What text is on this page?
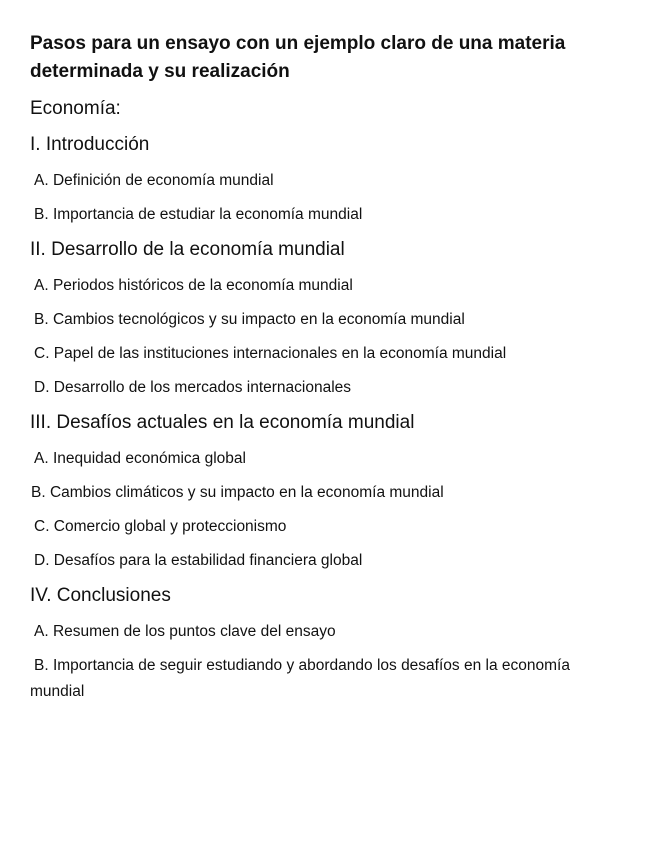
Pasos para un ensayo con un ejemplo claro de una materia determinada y su realización
Economía:
I. Introducción
A. Definición de economía mundial
B. Importancia de estudiar la economía mundial
II. Desarrollo de la economía mundial
A. Periodos históricos de la economía mundial
B. Cambios tecnológicos y su impacto en la economía mundial
C. Papel de las instituciones internacionales en la economía mundial
D. Desarrollo de los mercados internacionales
III. Desafíos actuales en la economía mundial
A. Inequidad económica global
B. Cambios climáticos y su impacto en la economía mundial
C. Comercio global y proteccionismo
D. Desafíos para la estabilidad financiera global
IV. Conclusiones
A. Resumen de los puntos clave del ensayo
B. Importancia de seguir estudiando y abordando los desafíos en la economía mundial
